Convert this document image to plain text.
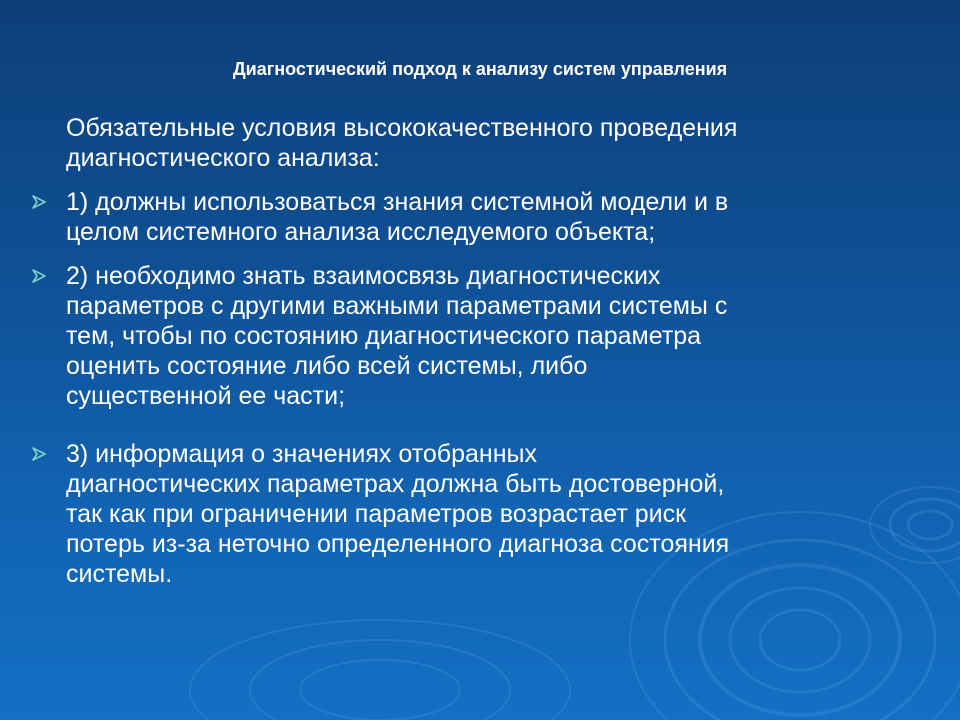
Диагностический подход к анализу систем управления
Обязательные условия высококачественного проведения
диагностического анализа:
1) должны использоваться знания системной модели и в
целом системного анализа исследуемого объекта;
2) необходимо знать взаимосвязь диагностических
параметров с другими важными параметрами системы с
тем, чтобы по состоянию диагностического параметра
оценить состояние либо всей системы, либо
существенной ее части;
3) информация о значениях отобранных
диагностических параметрах должна быть достоверной,
так как при ограничении параметров возрастает риск
потерь из-за неточно определенного диагноза состояния
системы.
